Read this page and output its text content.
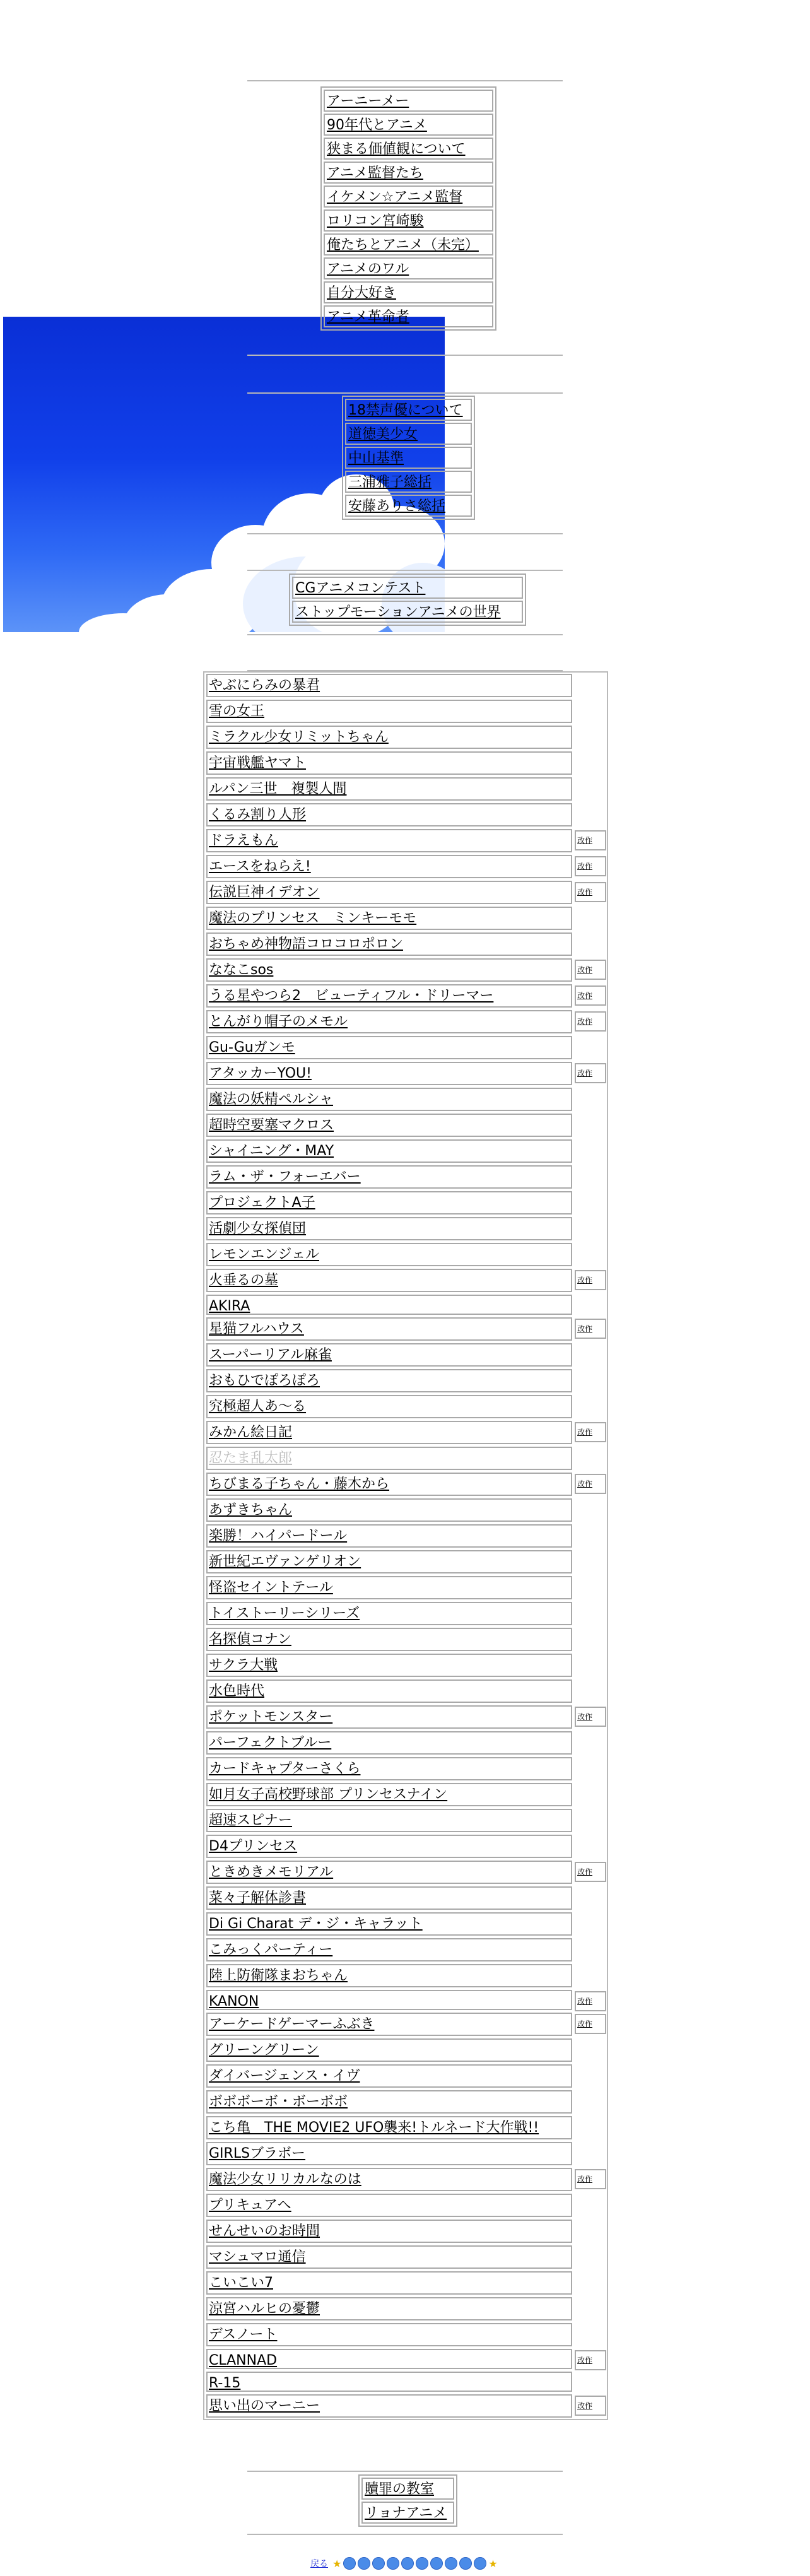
アーニーメー
90年代とアニメ
狭まる価値観について
アニメ監督たち
イケメン☆アニメ監督
ロリコン宮崎駿
俺たちとアニメ（未完）
アニメのワル
自分大好き
アニメ革命者
18禁声優について
道徳美少女
中山基準
三浦雅子総括
安藤ありさ総括
CGアニメコンテスト
ストップモーションアニメの世界
やぶにらみの暴君
雪の女王
ミラクル少女リミットちゃん
宇宙戦艦ヤマト
ルパン三世　複製人間
くるみ割り人形
ドラえもん	改作
エースをねらえ!	改作
伝説巨神イデオン	改作
魔法のプリンセス　ミンキーモモ
おちゃめ神物語コロコロポロン
ななこsos	改作
うる星やつら2　ビューティフル・ドリーマー	改作
とんがり帽子のメモル	改作
Gu-Guガンモ
アタッカーYOU!	改作
魔法の妖精ペルシャ
超時空要塞マクロス
シャイニング・MAY
ラム・ザ・フォーエバー
プロジェクトA子
活劇少女探偵団
レモンエンジェル
火垂るの墓	改作
AKIRA
星猫フルハウス	改作
スーパーリアル麻雀
おもひでぽろぽろ
究極超人あ～る
みかん絵日記	改作
忍たま乱太郎
ちびまる子ちゃん・藤木から	改作
あずきちゃん
楽勝！ハイパードール
新世紀エヴァンゲリオン
怪盗セイントテール
トイストーリーシリーズ
名探偵コナン
サクラ大戦
水色時代
ポケットモンスター	改作
パーフェクトブルー
カードキャプターさくら
如月女子高校野球部 プリンセスナイン
超速スピナー
D4プリンセス
ときめきメモリアル	改作
菜々子解体診書
Di Gi Charat デ・ジ・キャラット
こみっくパーティー
陸上防衛隊まおちゃん
KANON	改作
アーケードゲーマーふぶき	改作
グリーングリーン
ダイバージェンス・イヴ
ボボボーボ・ボーボボ
こち亀　THE MOVIE2 UFO襲来!トルネード大作戦!!
GIRLSブラボー
魔法少女リリカルなのは	改作
プリキュアへ
せんせいのお時間
マシュマロ通信
こいこい7
涼宮ハルヒの憂鬱
デスノート
CLANNAD	改作
R-15
思い出のマーニー	改作
贖罪の教室
リョナアニメ
戻る ★	★
